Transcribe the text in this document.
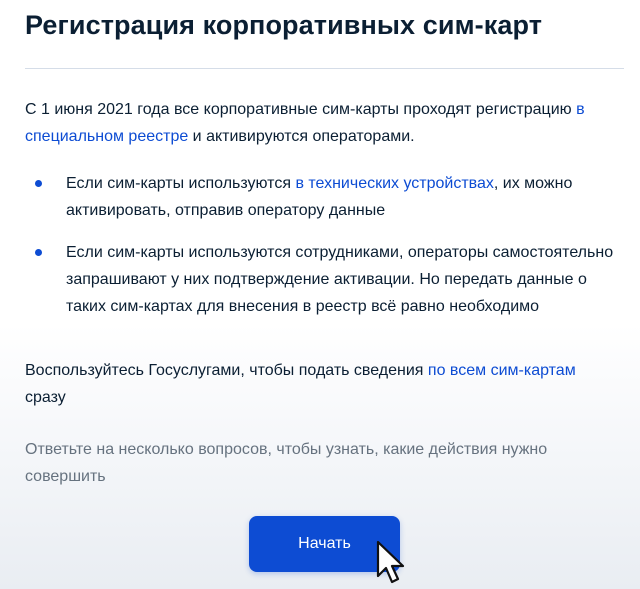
Регистрация корпоративных сим-карт

С 1 июня 2021 года все корпоративные сим-карты проходят регистрацию в специальном реестре и активируются операторами.

Если сим-карты используются в технических устройствах, их можно активировать, отправив оператору данные
Если сим-карты используются сотрудниками, операторы самостоятельно запрашивают у них подтверждение активации. Но передать данные о таких сим-картах для внесения в реестр всё равно необходимо

Воспользуйтесь Госуслугами, чтобы подать сведения по всем сим-картам сразу

Ответьте на несколько вопросов, чтобы узнать, какие действия нужно совершить

Начать
